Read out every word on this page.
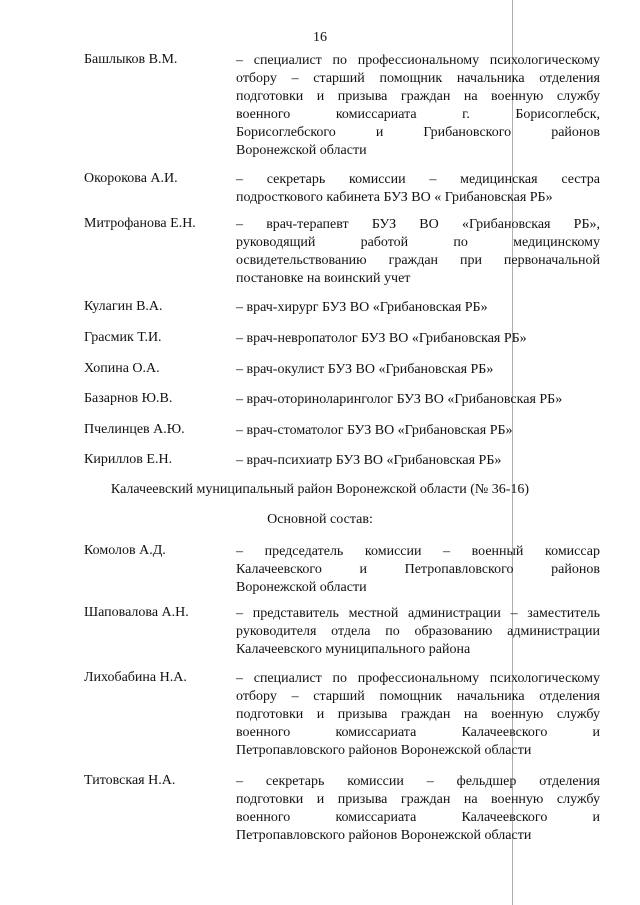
16
Башлыков В.М.	– специалист по профессиональному психологическому
отбору – старший помощник начальника отделения
подготовки и призыва граждан на военную службу
военного комиссариата г. Борисоглебск,
Борисоглебского и Грибановского районов
Воронежской области
Окорокова А.И.	– секретарь комиссии – медицинская сестра
подросткового кабинета БУЗ ВО « Грибановская РБ»
Митрофанова Е.Н.	– врач-терапевт БУЗ ВО «Грибановская РБ»,
руководящий работой по медицинскому
освидетельствованию граждан при первоначальной
постановке на воинский учет
Кулагин В.А.	– врач-хирург БУЗ ВО «Грибановская РБ»
Грасмик Т.И.	– врач-невропатолог БУЗ ВО «Грибановская РБ»
Хопина О.А.	– врач-окулист БУЗ ВО «Грибановская РБ»
Базарнов Ю.В.	– врач-оториноларинголог БУЗ ВО «Грибановская РБ»
Пчелинцев А.Ю.	– врач-стоматолог БУЗ ВО «Грибановская РБ»
Кириллов Е.Н.	– врач-психиатр БУЗ ВО «Грибановская РБ»
Калачеевский муниципальный район Воронежской области (№ 36-16)
Основной состав:
Комолов А.Д.	– председатель комиссии – военный комиссар
Калачеевского и Петропавловского районов
Воронежской области
Шаповалова А.Н.	– представитель местной администрации – заместитель
руководителя отдела по образованию администрации
Калачеевского муниципального района
Лихобабина Н.А.	– специалист по профессиональному психологическому
отбору – старший помощник начальника отделения
подготовки и призыва граждан на военную службу
военного комиссариата Калачеевского и
Петропавловского районов Воронежской области
Титовская Н.А.	– секретарь комиссии – фельдшер отделения
подготовки и призыва граждан на военную службу
военного комиссариата Калачеевского и
Петропавловского районов Воронежской области
